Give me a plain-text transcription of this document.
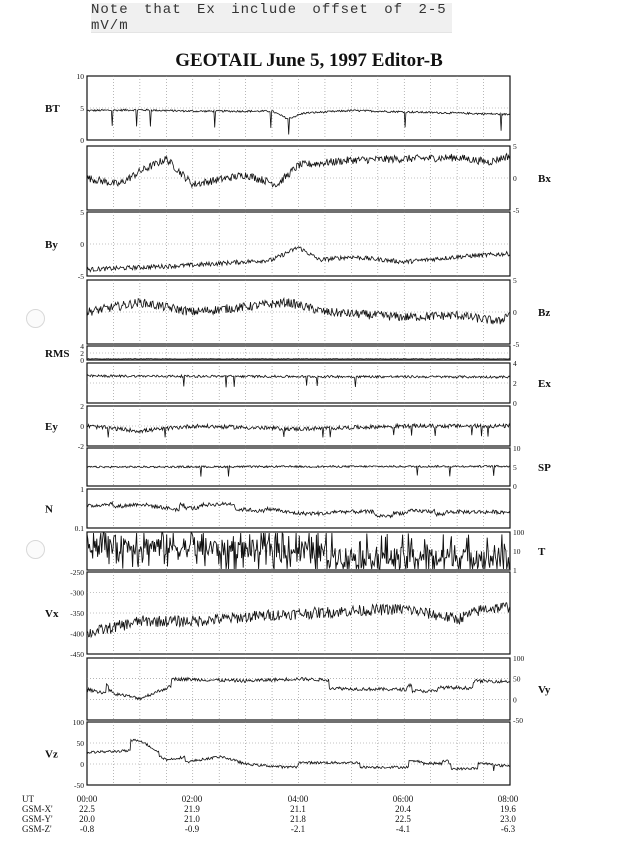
Note that Ex include offset of 2-5 mV/m
GEOTAIL June 5, 1997 Editor-B
10
5
0
BT
5
0
-5
Bx
5
0
-5
By
5
0
-5
Bz
4
2
0
RMS
4
2
0
Ex
2
0
-2
Ey
10
5
0
SP
1
0.1
N
100
10
1
T
-250
-300
-350
-400
-450
Vx
100
50
0
-50
Vy
100
50
0
-50
Vz
UT	00:00	02:00	04:00	06:00	08:00
GSM-X'	22.5	21.9	21.1	20.4	19.6
GSM-Y'	20.0	21.0	21.8	22.5	23.0
GSM-Z'	-0.8	-0.9	-2.1	-4.1	-6.3
